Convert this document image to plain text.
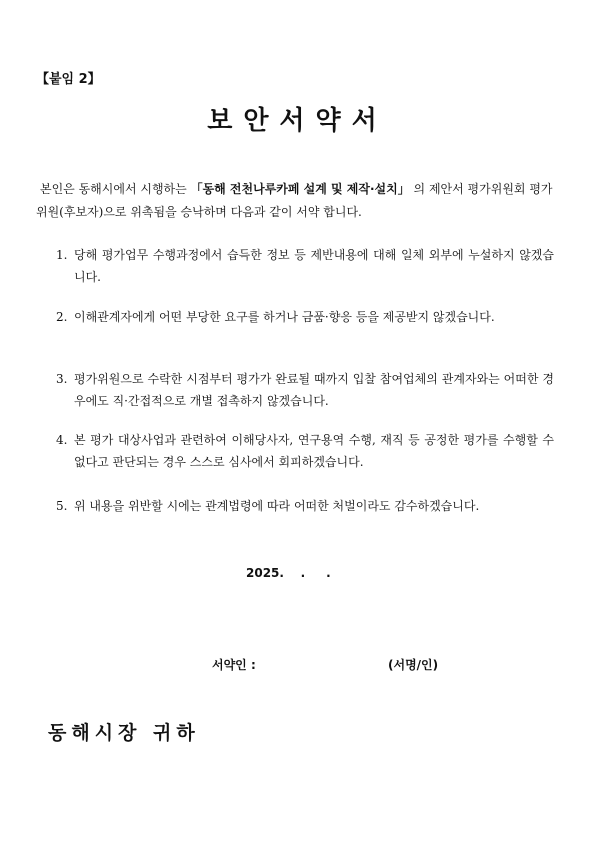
【붙임 2】
보안서약서
본인은 동해시에서 시행하는 「동해 전천나루카페 설계 및 제작·설치」 의 제안서 평가위원회 평가위원(후보자)으로 위촉됨을 승낙하며 다음과 같이 서약 합니다.
1. 당해 평가업무 수행과정에서 습득한 정보 등 제반내용에 대해 일체 외부에 누설하지 않겠습니다.
2. 이해관계자에게 어떤 부당한 요구를 하거나 금품·향응 등을 제공받지 않겠습니다.
3. 평가위원으로 수락한 시점부터 평가가 완료될 때까지 입찰 참여업체의 관계자와는 어떠한 경우에도 직·간접적으로 개별 접촉하지 않겠습니다.
4. 본 평가 대상사업과 관련하여 이해당사자, 연구용역 수행, 재직 등 공정한 평가를 수행할 수 없다고 판단되는 경우 스스로 심사에서 회피하겠습니다.
5. 위 내용을 위반할 시에는 관계법령에 따라 어떠한 처벌이라도 감수하겠습니다.
2025.    .     .
서약인 :	(서명/인)
동해시장 귀하
